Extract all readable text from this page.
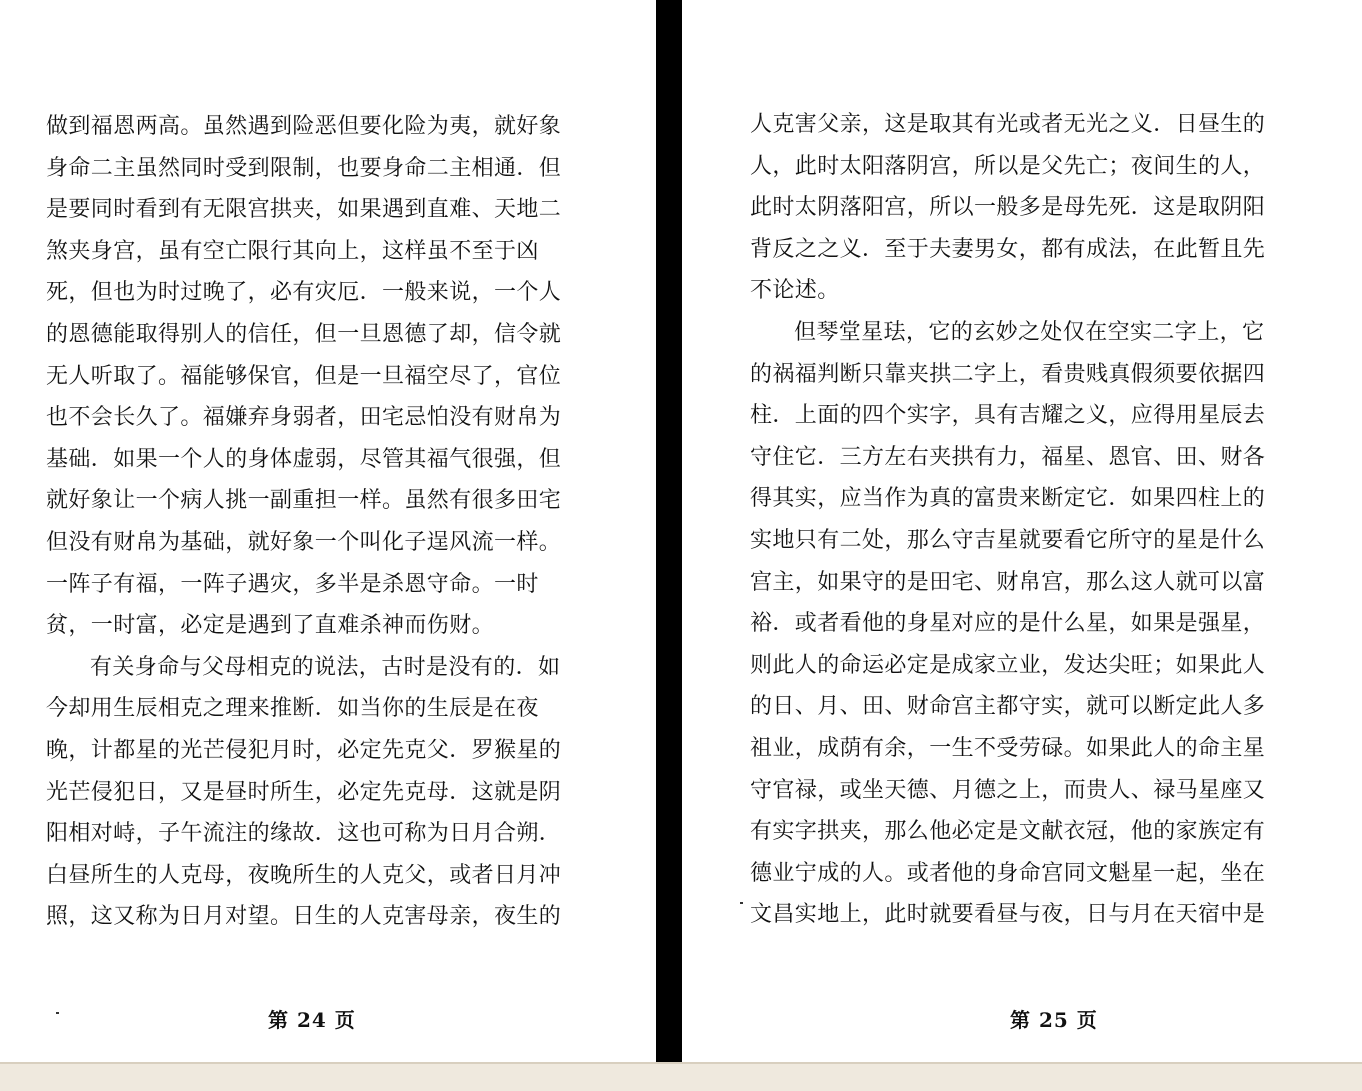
做到福恩两高。虽然遇到险恶但要化险为夷，就好象
身命二主虽然同时受到限制，也要身命二主相通．但
是要同时看到有无限宫拱夹，如果遇到直难、天地二
煞夹身宫，虽有空亡限行其向上，这样虽不至于凶
死，但也为时过晚了，必有灾厄．一般来说，一个人
的恩德能取得别人的信任，但一旦恩德了却，信令就
无人听取了。福能够保官，但是一旦福空尽了，官位
也不会长久了。福嫌弃身弱者，田宅忌怕没有财帛为
基础．如果一个人的身体虚弱，尽管其福气很强，但
就好象让一个病人挑一副重担一样。虽然有很多田宅
但没有财帛为基础，就好象一个叫化子逞风流一样。
一阵子有福，一阵子遇灾，多半是杀恩守命。一时
贫，一时富，必定是遇到了直难杀神而伤财。
有关身命与父母相克的说法，古时是没有的．如
今却用生辰相克之理来推断．如当你的生辰是在夜
晚，计都星的光芒侵犯月时，必定先克父．罗猴星的
光芒侵犯日，又是昼时所生，必定先克母．这就是阴
阳相对峙，子午流注的缘故．这也可称为日月合朔．
白昼所生的人克母，夜晚所生的人克父，或者日月冲
照，这又称为日月对望。日生的人克害母亲，夜生的
第 24 页
人克害父亲，这是取其有光或者无光之义．日昼生的
人，此时太阳落阴宫，所以是父先亡；夜间生的人，
此时太阴落阳宫，所以一般多是母先死．这是取阴阳
背反之之义．至于夫妻男女，都有成法，在此暂且先
不论述。
但琴堂星珐，它的玄妙之处仅在空实二字上，它
的祸福判断只靠夹拱二字上，看贵贱真假须要依据四
柱．上面的四个实字，具有吉耀之义，应得用星辰去
守住它．三方左右夹拱有力，福星、恩官、田、财各
得其实，应当作为真的富贵来断定它．如果四柱上的
实地只有二处，那么守吉星就要看它所守的星是什么
宫主，如果守的是田宅、财帛宫，那么这人就可以富
裕．或者看他的身星对应的是什么星，如果是强星，
则此人的命运必定是成家立业，发达尖旺；如果此人
的日、月、田、财命宫主都守实，就可以断定此人多
祖业，成荫有余，一生不受劳碌。如果此人的命主星
守官禄，或坐天德、月德之上，而贵人、禄马星座又
有实字拱夹，那么他必定是文献衣冠，他的家族定有
德业宁成的人。或者他的身命宫同文魁星一起，坐在
文昌实地上，此时就要看昼与夜，日与月在天宿中是
第 25 页
